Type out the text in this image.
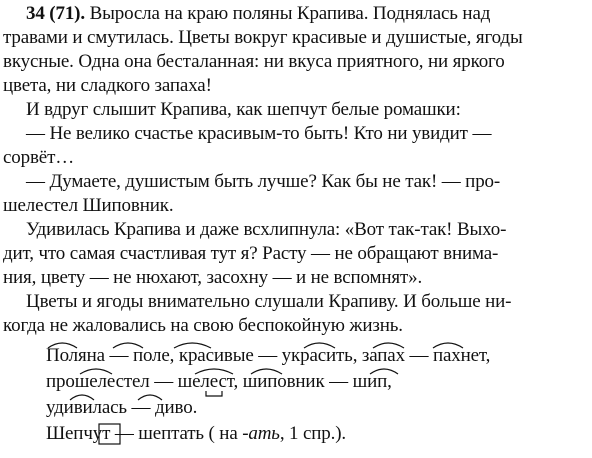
34 (71). Выросла на краю поляны Крапива. Поднялась над
травами и смутилась. Цветы вокруг красивые и душистые, ягоды
вкусные. Одна она бесталанная: ни вкуса приятного, ни яркого
цвета, ни сладкого запаха!
И вдруг слышит Крапива, как шепчут белые ромашки:
— Не велико счастье красивым-то быть! Кто ни увидит —
сорвёт…
— Думаете, душистым быть лучше? Как бы не так! — про-
шелестел Шиповник.
Удивилась Крапива и даже всхлипнула: «Вот так-так! Выхо-
дит, что самая счастливая тут я? Расту — не обращают внима-
ния, цвету — не нюхают, засохну — и не вспомнят».
Цветы и ягоды внимательно слушали Крапиву. И больше ни-
когда не жаловались на свою беспокойную жизнь.
Поляна — поле, красивые — украсить, запах — пахнет,
прошелестел — шелест, шиповник — шип,
удивилась — диво.
Шепчут — шептать ( на -ать, 1 спр.).
